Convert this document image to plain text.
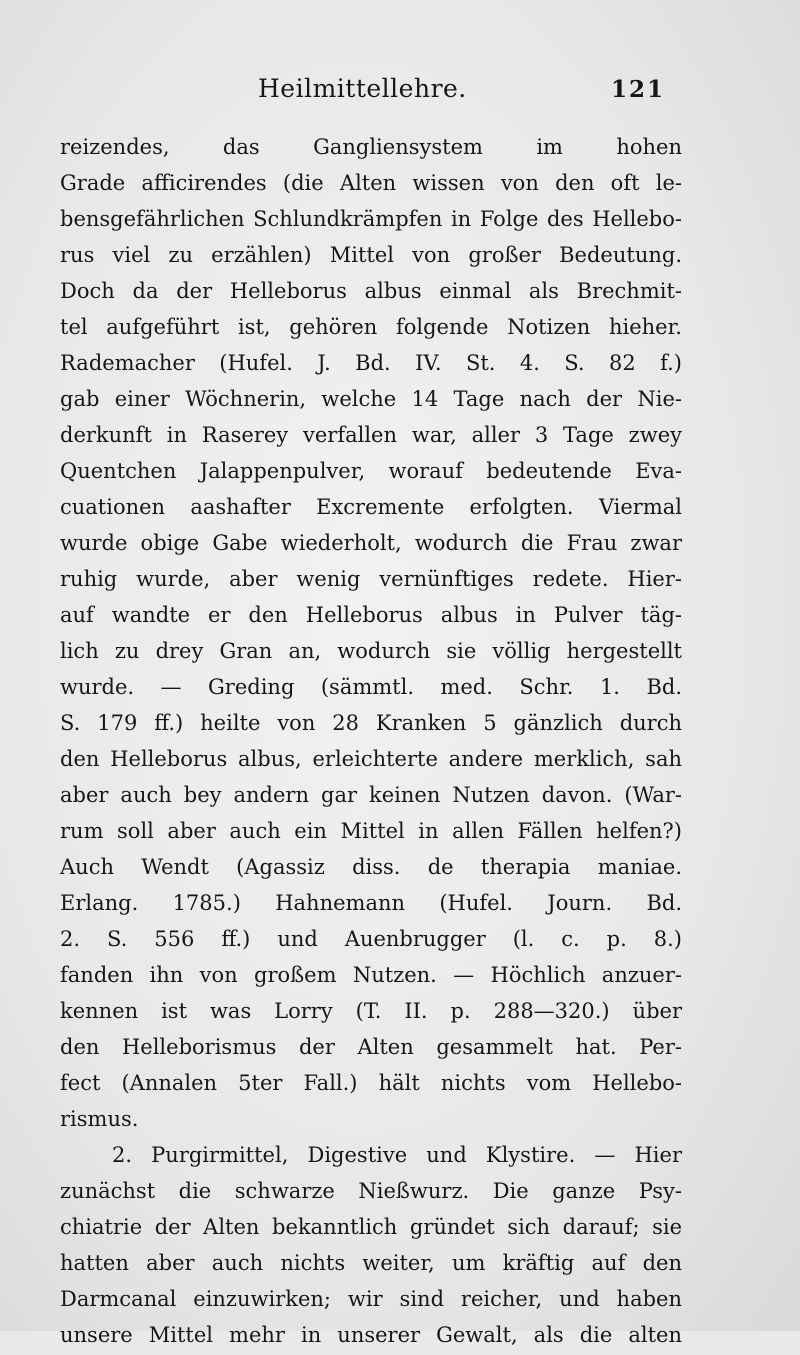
Heilmittellehre.	121
reizendes, das Gangliensystem im hohen
Grade afficirendes (die Alten wissen von den oft le-
bensgefährlichen Schlundkrämpfen in Folge des Hellebo-
rus viel zu erzählen) Mittel von großer Bedeutung.
Doch da der Helleborus albus einmal als Brechmit-
tel aufgeführt ist, gehören folgende Notizen hieher.
Rademacher (Hufel. J. Bd. IV. St. 4. S. 82 f.)
gab einer Wöchnerin, welche 14 Tage nach der Nie-
derkunft in Raserey verfallen war, aller 3 Tage zwey
Quentchen Jalappenpulver, worauf bedeutende Eva-
cuationen aashafter Excremente erfolgten. Viermal
wurde obige Gabe wiederholt, wodurch die Frau zwar
ruhig wurde, aber wenig vernünftiges redete. Hier-
auf wandte er den Helleborus albus in Pulver täg-
lich zu drey Gran an, wodurch sie völlig hergestellt
wurde. — Greding (sämmtl. med. Schr. 1. Bd.
S. 179 ff.) heilte von 28 Kranken 5 gänzlich durch
den Helleborus albus, erleichterte andere merklich, sah
aber auch bey andern gar keinen Nutzen davon. (War-
rum soll aber auch ein Mittel in allen Fällen helfen?)
Auch Wendt (Agassiz diss. de therapia maniae.
Erlang. 1785.) Hahnemann (Hufel. Journ. Bd.
2. S. 556 ff.) und Auenbrugger (l. c. p. 8.)
fanden ihn von großem Nutzen. — Höchlich anzuer-
kennen ist was Lorry (T. II. p. 288—320.) über
den Helleborismus der Alten gesammelt hat. Per-
fect (Annalen 5ter Fall.) hält nichts vom Hellebo-
rismus.
2. Purgirmittel, Digestive und Klystire. — Hier
zunächst die schwarze Nießwurz. Die ganze Psy-
chiatrie der Alten bekanntlich gründet sich darauf; sie
hatten aber auch nichts weiter, um kräftig auf den
Darmcanal einzuwirken; wir sind reicher, und haben
unsere Mittel mehr in unserer Gewalt, als die alten
